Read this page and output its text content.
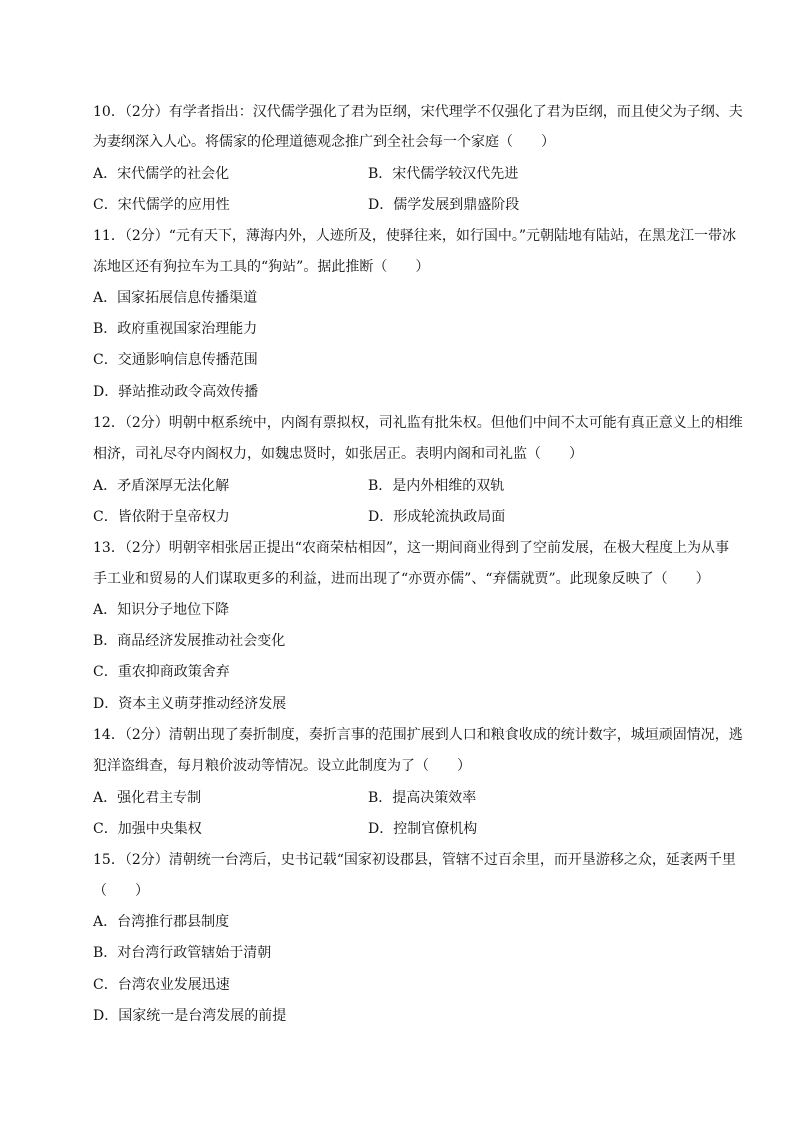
10．（2分）有学者指出：汉代儒学强化了君为臣纲，宋代理学不仅强化了君为臣纲，而且使父为子纲、夫
为妻纲深入人心。将儒家的伦理道德观念推广到全社会每一个家庭（　　）
A．宋代儒学的社会化	B．宋代儒学较汉代先进
C．宋代儒学的应用性	D．儒学发展到鼎盛阶段
11．（2分）“元有天下，薄海内外，人迹所及，使驿往来，如行国中。”元朝陆地有陆站，在黑龙江一带冰
冻地区还有狗拉车为工具的“狗站”。据此推断（　　）
A．国家拓展信息传播渠道
B．政府重视国家治理能力
C．交通影响信息传播范围
D．驿站推动政令高效传播
12．（2分）明朝中枢系统中，内阁有票拟权，司礼监有批朱权。但他们中间不太可能有真正意义上的相维
相济，司礼尽夺内阁权力，如魏忠贤时，如张居正。表明内阁和司礼监（　　）
A．矛盾深厚无法化解	B．是内外相维的双轨
C．皆依附于皇帝权力	D．形成轮流执政局面
13．（2分）明朝宰相张居正提出“农商荣枯相因”，这一期间商业得到了空前发展，在极大程度上为从事
手工业和贸易的人们谋取更多的利益，进而出现了“亦贾亦儒”、“弃儒就贾”。此现象反映了（　　）
A．知识分子地位下降
B．商品经济发展推动社会变化
C．重农抑商政策舍弃
D．资本主义萌芽推动经济发展
14．（2分）清朝出现了奏折制度，奏折言事的范围扩展到人口和粮食收成的统计数字，城垣顽固情况，逃
犯洋盗缉查，每月粮价波动等情况。设立此制度为了（　　）
A．强化君主专制	B．提高决策效率
C．加强中央集权	D．控制官僚机构
15．（2分）清朝统一台湾后，史书记载“国家初设郡县，管辖不过百余里，而开垦游移之众，延袤两千里
（　　）
A．台湾推行郡县制度
B．对台湾行政管辖始于清朝
C．台湾农业发展迅速
D．国家统一是台湾发展的前提
